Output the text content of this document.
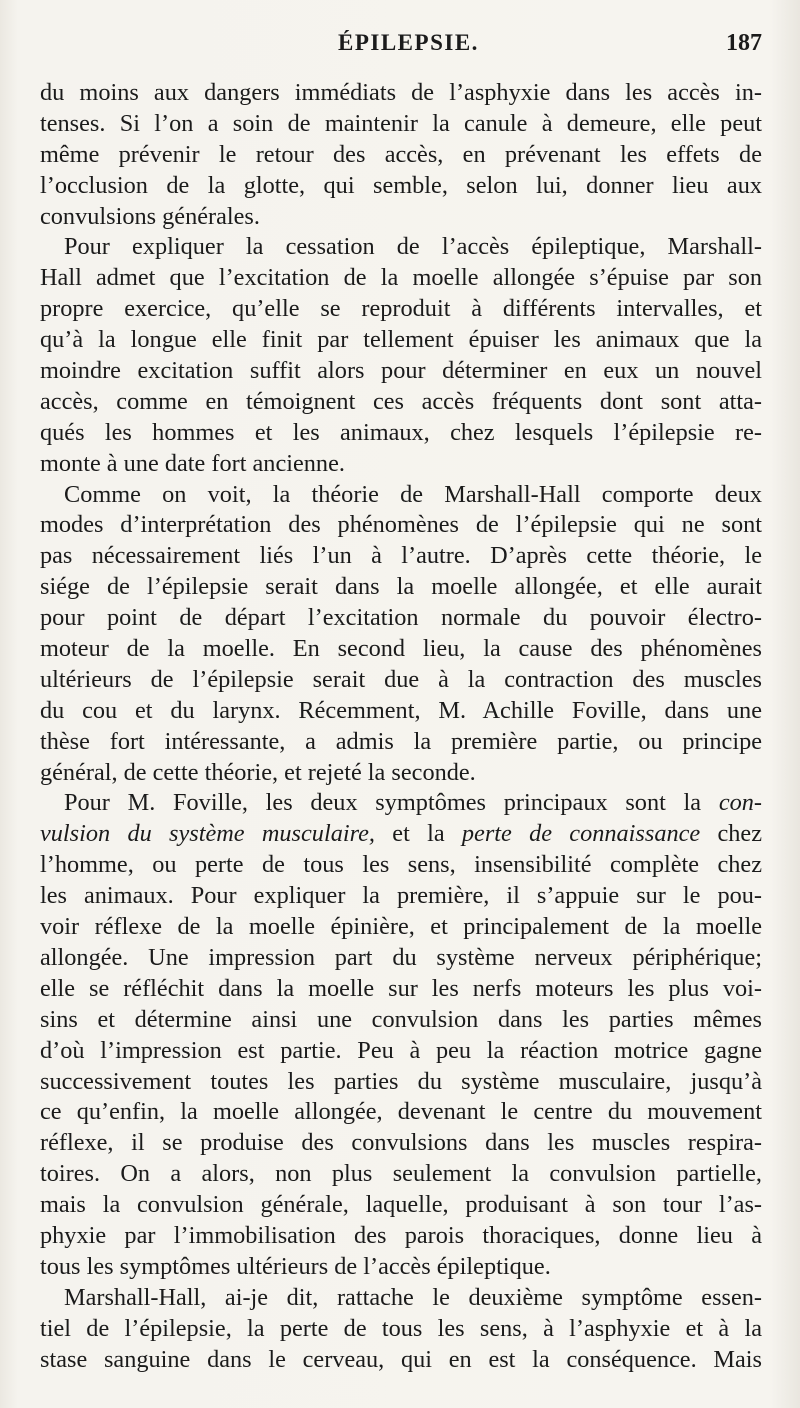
ÉPILEPSIE.	187
du moins aux dangers immédiats de l’asphyxie dans les accès in-
tenses. Si l’on a soin de maintenir la canule à demeure, elle peut
même prévenir le retour des accès, en prévenant les effets de
l’occlusion de la glotte, qui semble, selon lui, donner lieu aux
convulsions générales.
Pour expliquer la cessation de l’accès épileptique, Marshall-
Hall admet que l’excitation de la moelle allongée s’épuise par son
propre exercice, qu’elle se reproduit à différents intervalles, et
qu’à la longue elle finit par tellement épuiser les animaux que la
moindre excitation suffit alors pour déterminer en eux un nouvel
accès, comme en témoignent ces accès fréquents dont sont atta-
qués les hommes et les animaux, chez lesquels l’épilepsie re-
monte à une date fort ancienne.
Comme on voit, la théorie de Marshall-Hall comporte deux
modes d’interprétation des phénomènes de l’épilepsie qui ne sont
pas nécessairement liés l’un à l’autre. D’après cette théorie, le
siége de l’épilepsie serait dans la moelle allongée, et elle aurait
pour point de départ l’excitation normale du pouvoir électro-
moteur de la moelle. En second lieu, la cause des phénomènes
ultérieurs de l’épilepsie serait due à la contraction des muscles
du cou et du larynx. Récemment, M. Achille Foville, dans une
thèse fort intéressante, a admis la première partie, ou principe
général, de cette théorie, et rejeté la seconde.
Pour M. Foville, les deux symptômes principaux sont la con-
vulsion du système musculaire, et la perte de connaissance chez
l’homme, ou perte de tous les sens, insensibilité complète chez
les animaux. Pour expliquer la première, il s’appuie sur le pou-
voir réflexe de la moelle épinière, et principalement de la moelle
allongée. Une impression part du système nerveux périphérique;
elle se réfléchit dans la moelle sur les nerfs moteurs les plus voi-
sins et détermine ainsi une convulsion dans les parties mêmes
d’où l’impression est partie. Peu à peu la réaction motrice gagne
successivement toutes les parties du système musculaire, jusqu’à
ce qu’enfin, la moelle allongée, devenant le centre du mouvement
réflexe, il se produise des convulsions dans les muscles respira-
toires. On a alors, non plus seulement la convulsion partielle,
mais la convulsion générale, laquelle, produisant à son tour l’as-
phyxie par l’immobilisation des parois thoraciques, donne lieu à
tous les symptômes ultérieurs de l’accès épileptique.
Marshall-Hall, ai-je dit, rattache le deuxième symptôme essen-
tiel de l’épilepsie, la perte de tous les sens, à l’asphyxie et à la
stase sanguine dans le cerveau, qui en est la conséquence. Mais
